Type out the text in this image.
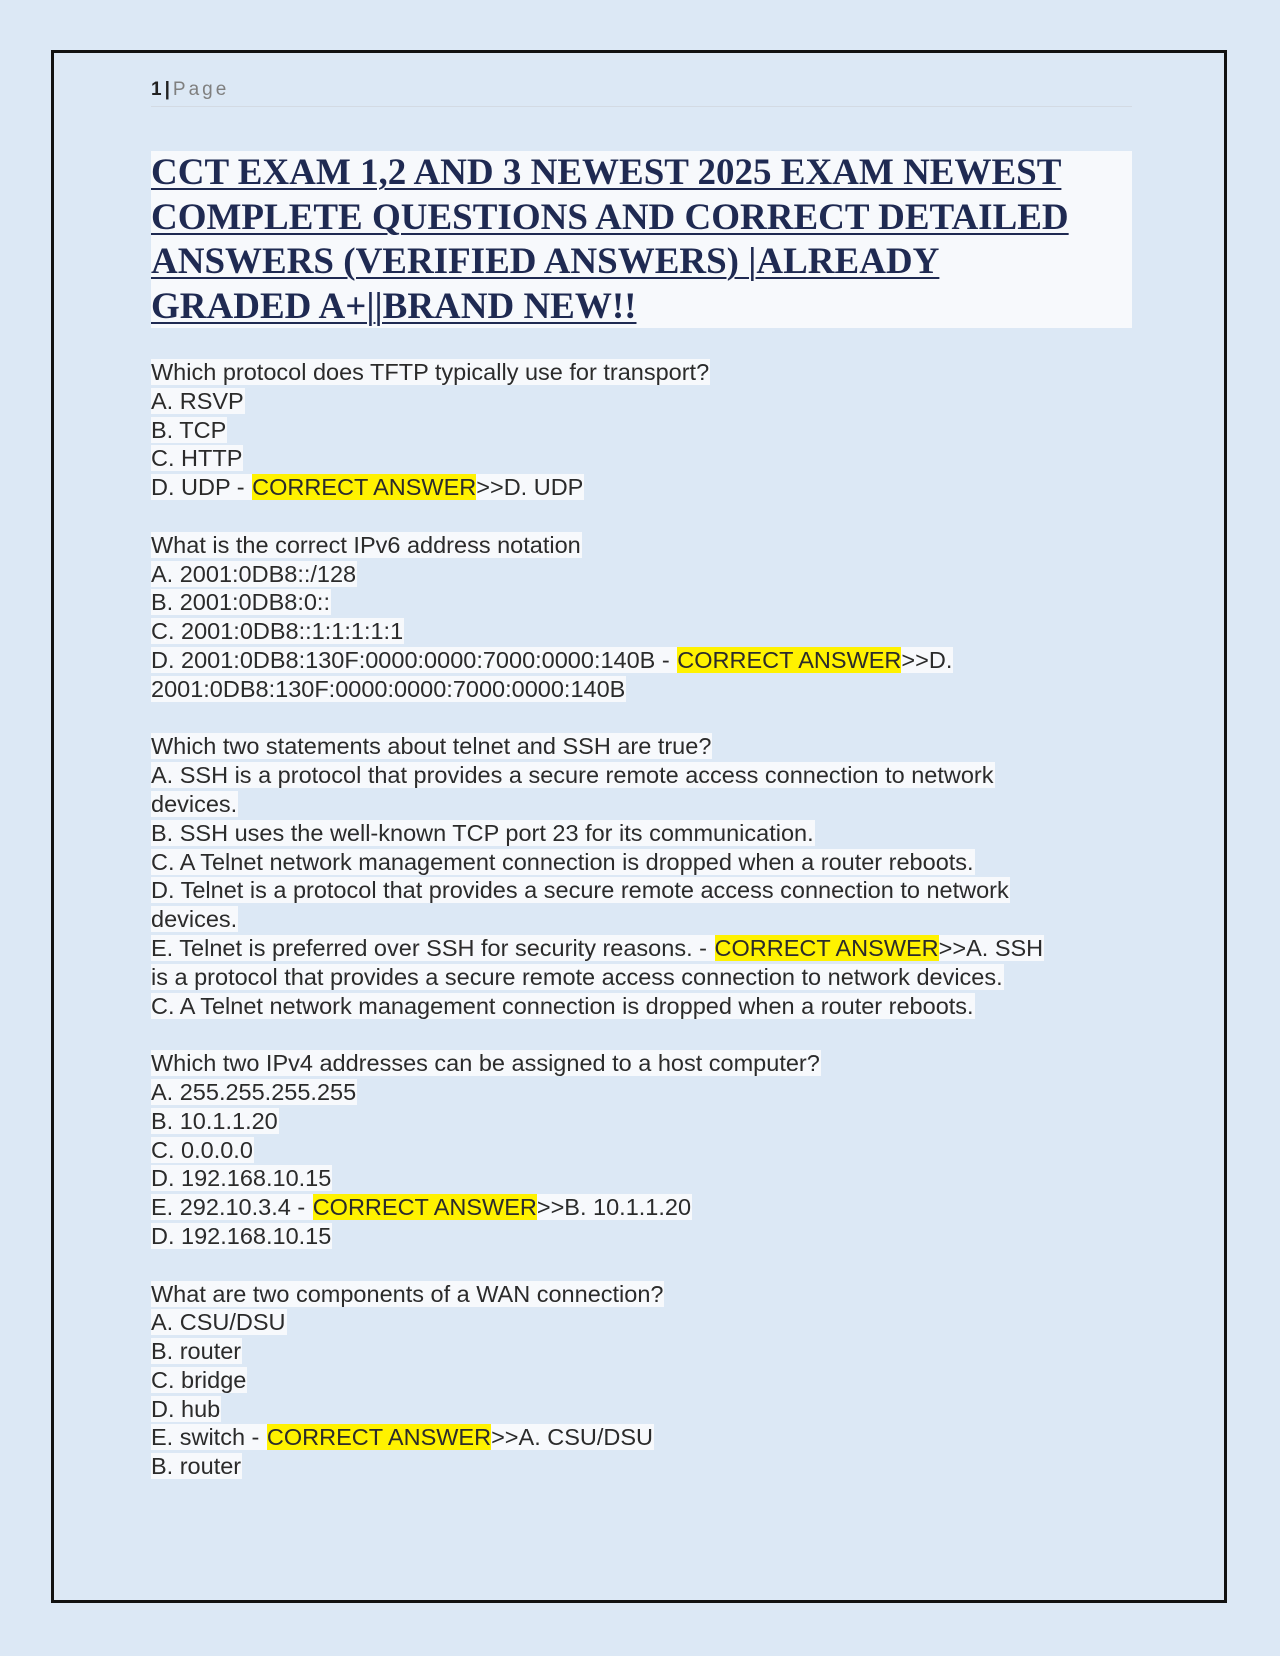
1 | Page

CCT EXAM 1,2 AND 3 NEWEST 2025 EXAM NEWEST
COMPLETE QUESTIONS AND CORRECT DETAILED
ANSWERS (VERIFIED ANSWERS) |ALREADY
GRADED A+||BRAND NEW!!

Which protocol does TFTP typically use for transport?
A. RSVP
B. TCP
C. HTTP
D. UDP - CORRECT ANSWER>>D. UDP
What is the correct IPv6 address notation
A. 2001:0DB8::/128
B. 2001:0DB8:0::
C. 2001:0DB8::1:1:1:1:1
D. 2001:0DB8:130F:0000:0000:7000:0000:140B - CORRECT ANSWER>>D.
2001:0DB8:130F:0000:0000:7000:0000:140B
Which two statements about telnet and SSH are true?
A. SSH is a protocol that provides a secure remote access connection to network
devices.
B. SSH uses the well-known TCP port 23 for its communication.
C. A Telnet network management connection is dropped when a router reboots.
D. Telnet is a protocol that provides a secure remote access connection to network
devices.
E. Telnet is preferred over SSH for security reasons. - CORRECT ANSWER>>A. SSH
is a protocol that provides a secure remote access connection to network devices.
C. A Telnet network management connection is dropped when a router reboots.
Which two IPv4 addresses can be assigned to a host computer?
A. 255.255.255.255
B. 10.1.1.20
C. 0.0.0.0
D. 192.168.10.15
E. 292.10.3.4 - CORRECT ANSWER>>B. 10.1.1.20
D. 192.168.10.15
What are two components of a WAN connection?
A. CSU/DSU
B. router
C. bridge
D. hub
E. switch - CORRECT ANSWER>>A. CSU/DSU
B. router
